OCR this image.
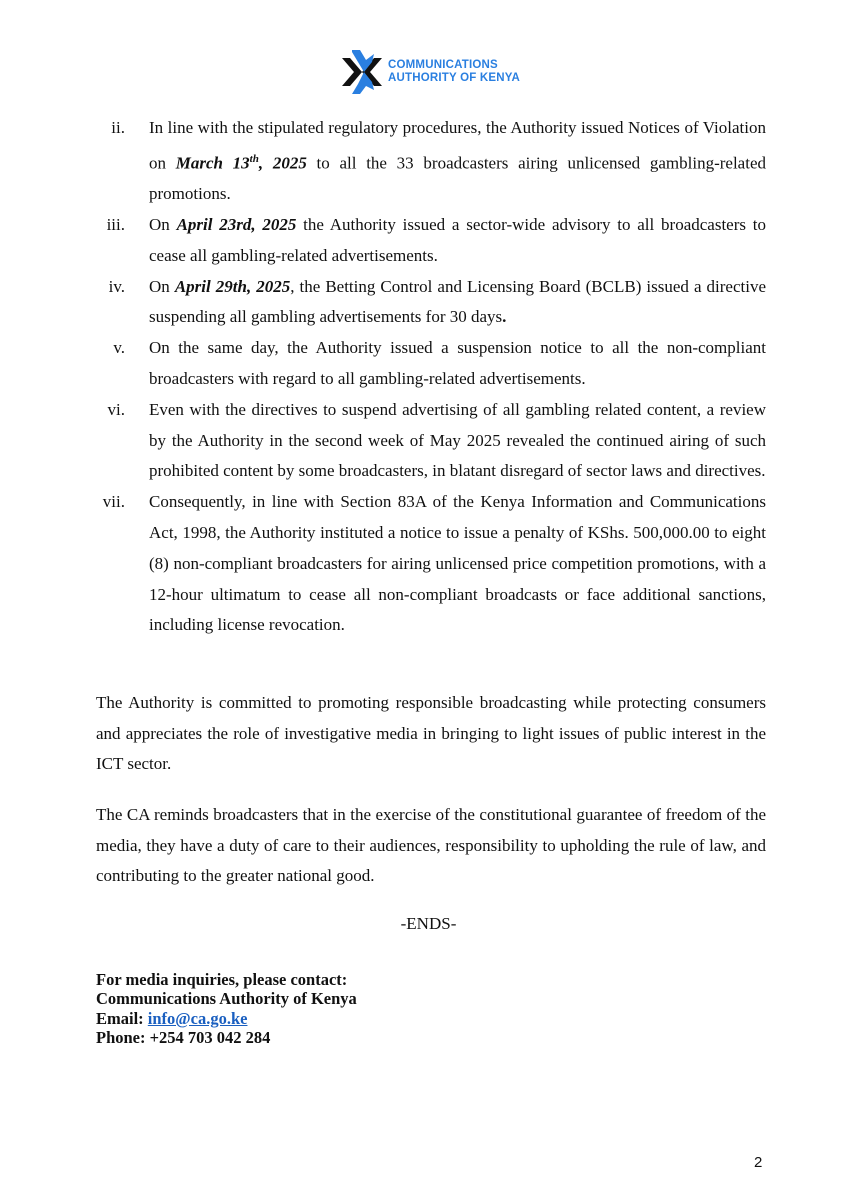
COMMUNICATIONS
AUTHORITY OF KENYA
ii.	In line with the stipulated regulatory procedures, the Authority issued Notices of Violation on March 13th, 2025 to all the 33 broadcasters airing unlicensed gambling-related promotions.
iii.	On April 23rd, 2025 the Authority issued a sector-wide advisory to all broadcasters to cease all gambling-related advertisements.
iv.	On April 29th, 2025, the Betting Control and Licensing Board (BCLB) issued a directive suspending all gambling advertisements for 30 days.
v.	On the same day, the Authority issued a suspension notice to all the non-compliant broadcasters with regard to all gambling-related advertisements.
vi.	Even with the directives to suspend advertising of all gambling related content, a review by the Authority in the second week of May 2025 revealed the continued airing of such prohibited content by some broadcasters, in blatant disregard of sector laws and directives.
vii.	Consequently, in line with Section 83A of the Kenya Information and Communications Act, 1998, the Authority instituted a notice to issue a penalty of KShs. 500,000.00 to eight (8) non-compliant broadcasters for airing unlicensed price competition promotions, with a 12-hour ultimatum to cease all non-compliant broadcasts or face additional sanctions, including license revocation.
The Authority is committed to promoting responsible broadcasting while protecting consumers and appreciates the role of investigative media in bringing to light issues of public interest in the ICT sector.
The CA reminds broadcasters that in the exercise of the constitutional guarantee of freedom of the media, they have a duty of care to their audiences, responsibility to upholding the rule of law, and contributing to the greater national good.
-ENDS-
For media inquiries, please contact:
Communications Authority of Kenya
Email: info@ca.go.ke
Phone: +254 703 042 284
2
